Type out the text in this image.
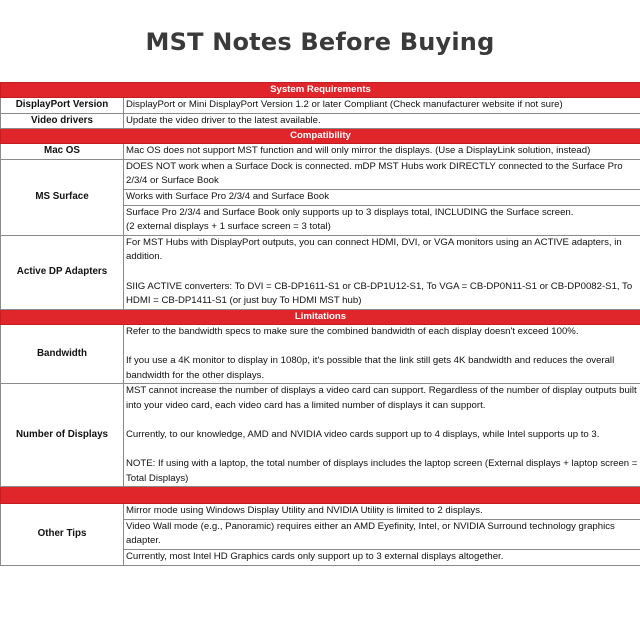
MST Notes Before Buying
System Requirements	
DisplayPort Version	DisplayPort or Mini DisplayPort Version 1.2 or later Compliant (Check manufacturer website if not sure)
Video drivers	Update the video driver to the latest available.
Compatibility	
Mac OS	Mac OS does not support MST function and will only mirror the displays. (Use a DisplayLink solution, instead)
MS Surface	DOES NOT work when a Surface Dock is connected. mDP MST Hubs work DIRECTLY connected to the Surface Pro 2/3/4 or Surface Book
	Works with Surface Pro 2/3/4 and Surface Book

	Surface Pro 2/3/4 and Surface Book only supports up to 3 displays total, INCLUDING the Surface screen.
(2 external displays + 1 surface screen = 3 total)

Active DP Adapters	For MST Hubs with DisplayPort outputs, you can connect HDMI, DVI, or VGA monitors using an ACTIVE adapters, in addition.
SIIG ACTIVE converters: To DVI = CB-DP1611-S1 or CB-DP1U12-S1, To VGA = CB-DP0N11-S1 or CB-DP0082-S1, To HDMI = CB-DP1411-S1 (or just buy To HDMI MST hub)

Limitations	
Bandwidth	Refer to the bandwidth specs to make sure the combined bandwidth of each display doesn't exceed 100%.
If you use a 4K monitor to display in 1080p, it's possible that the link still gets 4K bandwidth and reduces the overall bandwidth for the other displays.

Number of Displays	MST cannot increase the number of displays a video card can support. Regardless of the number of display outputs built into your video card, each video card has a limited number of displays it can support.
Currently, to our knowledge, AMD and NVIDIA video cards support up to 4 displays, while Intel supports up to 3.
NOTE: If using with a laptop, the total number of displays includes the laptop screen (External displays + laptop screen = Total Displays)

Other Tips	Mirror mode using Windows Display Utility and NVIDIA Utility is limited to 2 displays.
	Video Wall mode (e.g., Panoramic) requires either an AMD Eyefinity, Intel, or NVIDIA Surround technology graphics adapter.
	Currently, most Intel HD Graphics cards only support up to 3 external displays altogether.
